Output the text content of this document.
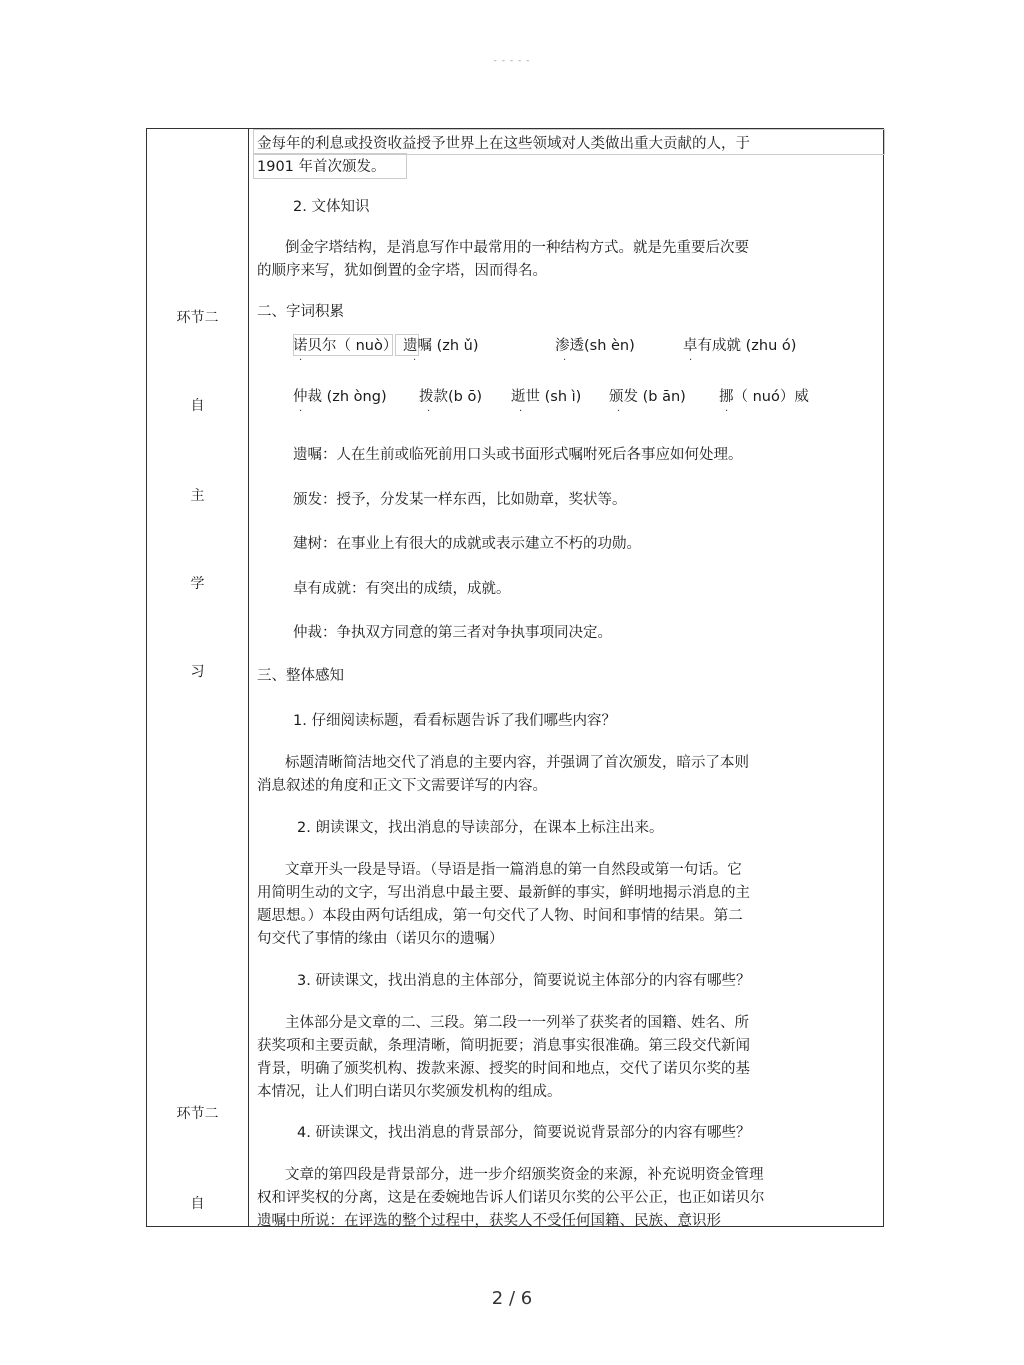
- - - - -
环节二
自
主
学
习
环节二
自
金每年的利息或投资收益授予世界上在这些领域对人类做出重大贡献的人，于
1901 年首次颁发。
2. 文体知识
倒金字塔结构，是消息写作中最常用的一种结构方式。就是先重要后次要
的顺序来写，犹如倒置的金字塔，因而得名。
二、字词积累
诺贝尔（ nuò） 遗嘱 (zh ǔ)	渗透(sh èn)	卓有成就 (zhu ó)
·	·	·	·
仲裁 (zh òng) 拨款(b ō) 逝世 (sh ì) 颁发 (b ān) 挪（ nuó）威
·	·	·	·	·
遗嘱：人在生前或临死前用口头或书面形式嘱咐死后各事应如何处理。
颁发：授予，分发某一样东西，比如勋章，奖状等。
建树：在事业上有很大的成就或表示建立不朽的功勋。
卓有成就：有突出的成绩，成就。
仲裁：争执双方同意的第三者对争执事项同决定。
三、整体感知
1. 仔细阅读标题，看看标题告诉了我们哪些内容？
标题清晰简洁地交代了消息的主要内容，并强调了首次颁发，暗示了本则
消息叙述的角度和正文下文需要详写的内容。
2. 朗读课文，找出消息的导读部分，在课本上标注出来。
文章开头一段是导语。（导语是指一篇消息的第一自然段或第一句话。它
用简明生动的文字，写出消息中最主要、最新鲜的事实，鲜明地揭示消息的主
题思想。）本段由两句话组成，第一句交代了人物、时间和事情的结果。第二
句交代了事情的缘由（诺贝尔的遗嘱）
3. 研读课文，找出消息的主体部分，简要说说主体部分的内容有哪些？
主体部分是文章的二、三段。第二段一一列举了获奖者的国籍、姓名、所
获奖项和主要贡献，条理清晰，简明扼要；消息事实很准确。第三段交代新闻
背景，明确了颁奖机构、拨款来源、授奖的时间和地点，交代了诺贝尔奖的基
本情况，让人们明白诺贝尔奖颁发机构的组成。
4. 研读课文，找出消息的背景部分，简要说说背景部分的内容有哪些？
文章的第四段是背景部分，进一步介绍颁奖资金的来源，补充说明资金管理
权和评奖权的分离，这是在委婉地告诉人们诺贝尔奖的公平公正，也正如诺贝尔
遗嘱中所说：在评选的整个过程中，获奖人不受任何国籍、民族、意识形
2 / 6
